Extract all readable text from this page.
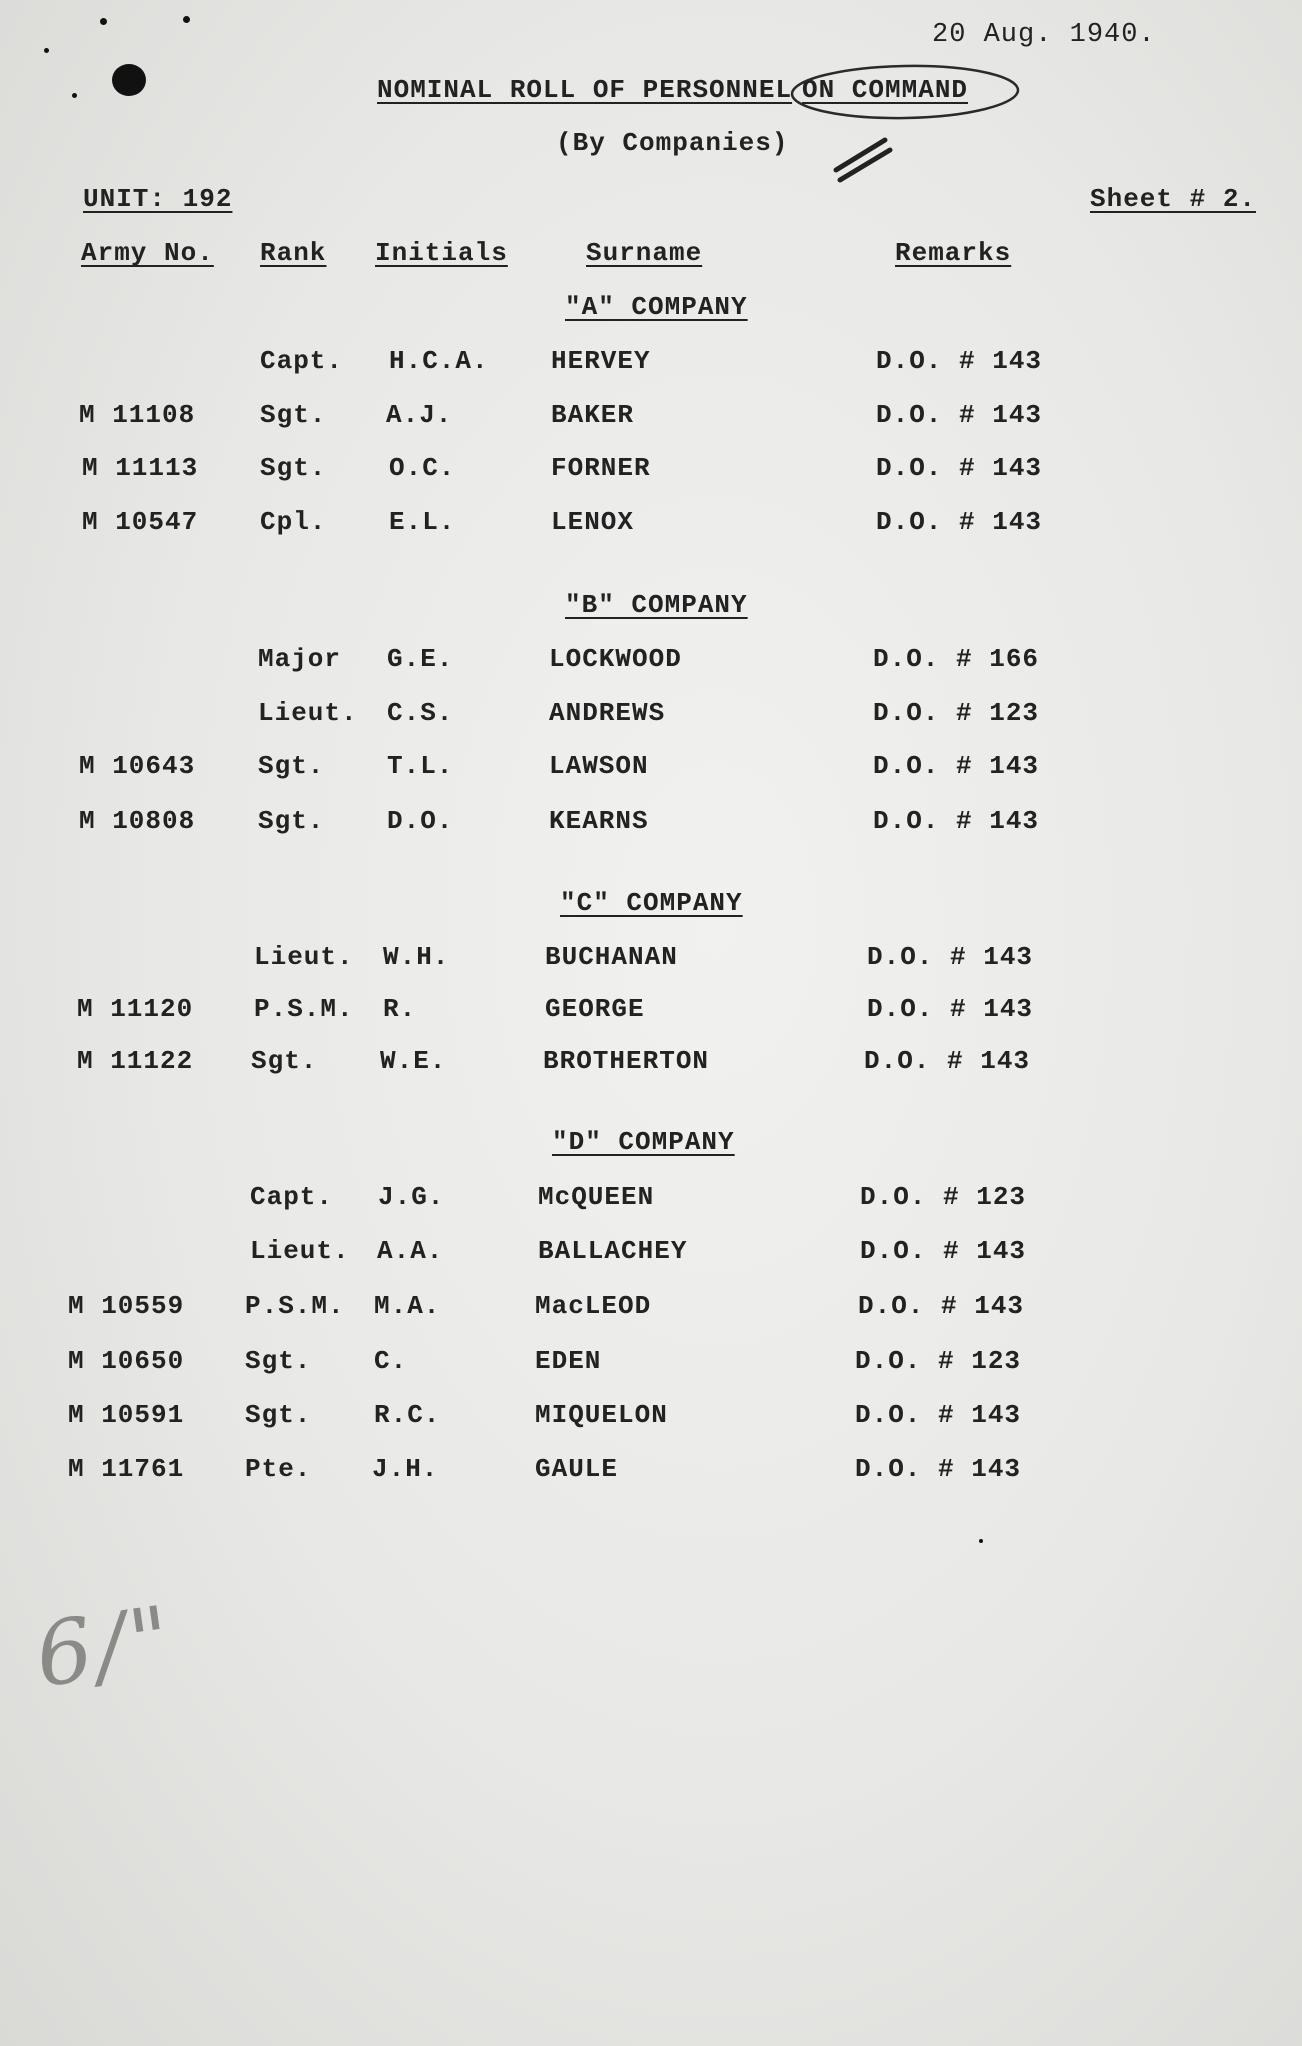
20 Aug. 1940.
NOMINAL ROLL OF PERSONNEL ON COMMAND
(By Companies)
UNIT: 192	Sheet # 2.
Army No. Rank Initials	Surname	Remarks
"A" COMPANY
Capt. H.C.A. HERVEY	D.O. # 143
M 11108 Sgt. A.J.	BAKER	D.O. # 143
M 11113 Sgt. O.C.	FORNER	D.O. # 143
M 10547 Cpl. E.L.	LENOX	D.O. # 143
"B" COMPANY
Major G.E.	LOCKWOOD	D.O. # 166
Lieut. C.S.	ANDREWS	D.O. # 123
M 10643 Sgt. T.L.	LAWSON	D.O. # 143
M 10808 Sgt. D.O.	KEARNS	D.O. # 143
"C" COMPANY
Lieut. W.H.	BUCHANAN	D.O. # 143
M 11120 P.S.M. R.	GEORGE	D.O. # 143
M 11122 Sgt. W.E.	BROTHERTON	D.O. # 143
"D" COMPANY
Capt. J.G.	McQUEEN	D.O. # 123
Lieut. A.A.	BALLACHEY	D.O. # 143
M 10559 P.S.M. M.A.	MacLEOD	D.O. # 143
M 10650 Sgt. C.	EDEN	D.O. # 123
M 10591 Sgt. R.C.	MIQUELON	D.O. # 143
M 11761 Pte. J.H.	GAULE	D.O. # 143
6/"
